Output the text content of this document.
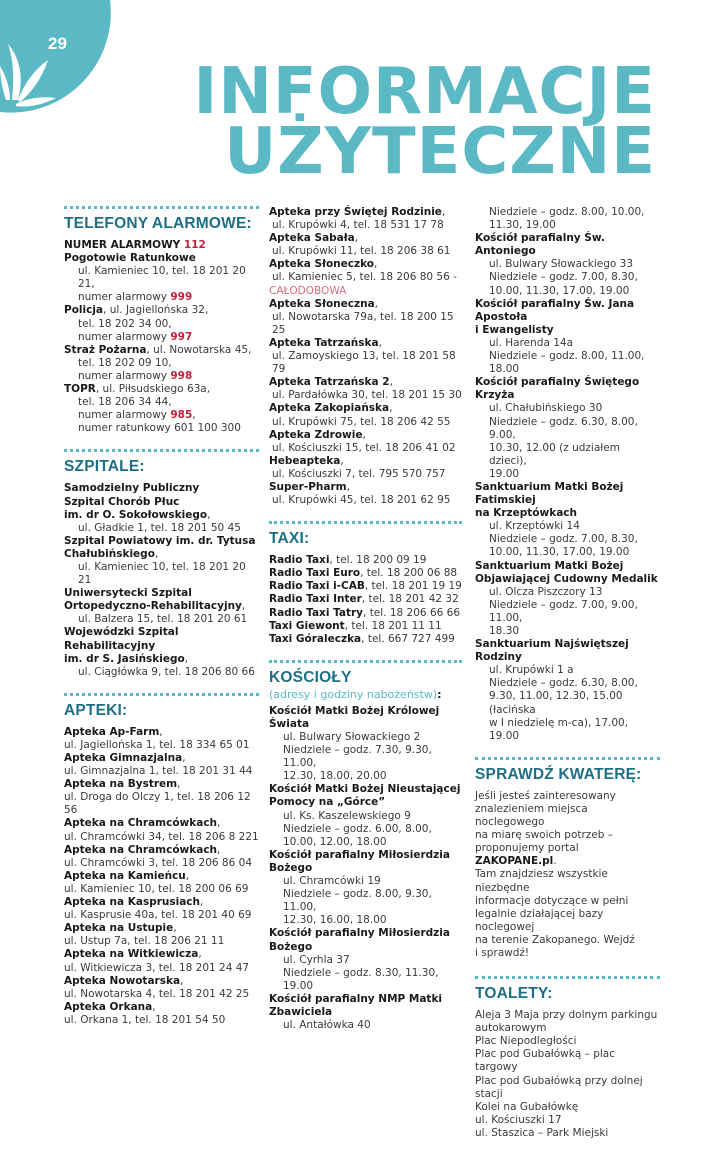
29
INFORMACJE
UŻYTECZNE
TELEFONY ALARMOWE:
NUMER ALARMOWY 112
Pogotowie Ratunkowe
ul. Kamieniec 10, tel. 18 201 20 21,
numer alarmowy 999
Policja, ul. Jagiellońska 32,
tel. 18 202 34 00,
numer alarmowy 997
Straż Pożarna, ul. Nowotarska 45,
tel. 18 202 09 10,
numer alarmowy 998
TOPR, ul. Piłsudskiego 63a,
tel. 18 206 34 44,
numer alarmowy 985,
numer ratunkowy 601 100 300
SZPITALE:
Samodzielny Publiczny
Szpital Chorób Płuc
im. dr O. Sokołowskiego,
ul. Gładkie 1, tel. 18 201 50 45
Szpital Powiatowy im. dr. Tytusa
Chałubińskiego,
ul. Kamieniec 10, tel. 18 201 20 21
Uniwersytecki Szpital
Ortopedyczno-Rehabilitacyjny,
ul. Balzera 15, tel. 18 201 20 61
Wojewódzki Szpital Rehabilitacyjny
im. dr S. Jasińskiego,
ul. Ciągłówka 9, tel. 18 206 80 66
APTEKI:
Apteka Ap-Farm,
ul. Jagiellońska 1, tel. 18 334 65 01
Apteka Gimnazjalna,
ul. Gimnazjalna 1, tel. 18 201 31 44
Apteka na Bystrem,
ul. Droga do Olczy 1, tel. 18 206 12 56
Apteka na Chramcówkach,
ul. Chramcówki 34, tel. 18 206 8 221
Apteka na Chramcówkach,
ul. Chramcówki 3, tel. 18 206 86 04
Apteka na Kamieńcu,
ul. Kamieniec 10, tel. 18 200 06 69
Apteka na Kasprusiach,
ul. Kasprusie 40a, tel. 18 201 40 69
Apteka na Ustupie,
ul. Ustup 7a, tel. 18 206 21 11
Apteka na Witkiewicza,
ul. Witkiewicza 3, tel. 18 201 24 47
Apteka Nowotarska,
ul. Nowotarska 4, tel. 18 201 42 25
Apteka Orkana,
ul. Orkana 1, tel. 18 201 54 50
Apteka przy Świętej Rodzinie,
ul. Krupówki 4, tel. 18 531 17 78
Apteka Sabała,
ul. Krupówki 11, tel. 18 206 38 61
Apteka Słoneczko,
ul. Kamieniec 5, tel. 18 206 80 56 -
CAŁODOBOWA
Apteka Słoneczna,
ul. Nowotarska 79a, tel. 18 200 15 25
Apteka Tatrzańska,
ul. Zamoyskiego 13, tel. 18 201 58 79
Apteka Tatrzańska 2,
ul. Pardałówka 30, tel. 18 201 15 30
Apteka Zakopiańska,
ul. Krupówki 75, tel. 18 206 42 55
Apteka Zdrowie,
ul. Kościuszki 15, tel. 18 206 41 02
Hebeapteka,
ul. Kościuszki 7, tel. 795 570 757
Super-Pharm,
ul. Krupówki 45, tel. 18 201 62 95
TAXI:
Radio Taxi, tel. 18 200 09 19
Radio Taxi Euro, tel. 18 200 06 88
Radio Taxi i-CAB, tel. 18 201 19 19
Radio Taxi Inter, tel. 18 201 42 32
Radio Taxi Tatry, tel. 18 206 66 66
Taxi Giewont, tel. 18 201 11 11
Taxi Góraleczka, tel. 667 727 499
KOŚCIOŁY
(adresy i godziny nabożeństw):
Kościół Matki Bożej Królowej Świata
ul. Bulwary Słowackiego 2
Niedziele – godz. 7.30, 9.30, 11.00,
12.30, 18.00, 20.00
Kościół Matki Bożej Nieustającej
Pomocy na „Górce”
ul. Ks. Kaszelewskiego 9
Niedziele – godz. 6.00, 8.00,
10.00, 12.00, 18.00
Kościół parafialny Miłosierdzia
Bożego
ul. Chramcówki 19
Niedziele – godz. 8.00, 9.30, 11.00,
12.30, 16.00, 18.00
Kościół parafialny Miłosierdzia
Bożego
ul. Cyrhla 37
Niedziele – godz. 8.30, 11.30,
19.00
Kościół parafialny NMP Matki
Zbawiciela
ul. Antałówka 40
Niedziele – godz. 8.00, 10.00,
11.30, 19.00
Kościół parafialny Św. Antoniego
ul. Bulwary Słowackiego 33
Niedziele – godz. 7.00, 8.30,
10.00, 11.30, 17.00, 19.00
Kościół parafialny Św. Jana Apostoła
i Ewangelisty
ul. Harenda 14a
Niedziele – godz. 8.00, 11.00,
18.00
Kościół parafialny Świętego Krzyża
ul. Chałubińskiego 30
Niedziele – godz. 6.30, 8.00, 9.00,
10.30, 12.00 (z udziałem dzieci),
19.00
Sanktuarium Matki Bożej Fatimskiej
na Krzeptówkach
ul. Krzeptówki 14
Niedziele – godz. 7.00, 8.30,
10.00, 11.30, 17.00, 19.00
Sanktuarium Matki Bożej
Objawiającej Cudowny Medalik
ul. Olcza Piszczory 13
Niedziele – godz. 7.00, 9.00, 11.00,
18.30
Sanktuarium Najświętszej Rodziny
ul. Krupówki 1 a
Niedziele – godz. 6.30, 8.00,
9.30, 11.00, 12.30, 15.00 (łacińska
w I niedzielę m-ca), 17.00, 19.00
SPRAWDŹ KWATERĘ:
Jeśli jesteś zainteresowany
znalezieniem miejsca noclegowego
na miarę swoich potrzeb –
proponujemy portal ZAKOPANE.pl.
Tam znajdziesz wszystkie niezbędne
informacje dotyczące w pełni
legalnie działającej bazy noclegowej
na terenie Zakopanego. Wejdź
i sprawdź!
TOALETY:
Aleja 3 Maja przy dolnym parkingu
autokarowym
Plac Niepodległości
Plac pod Gubałówką – plac targowy
Plac pod Gubałówką przy dolnej stacji
Kolei na Gubałówkę
ul. Kościuszki 17
ul. Staszica – Park Miejski
